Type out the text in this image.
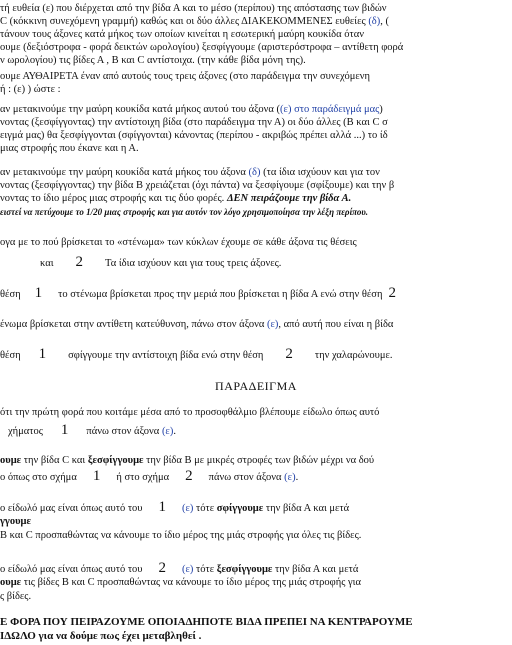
τή ευθεία (ε) που διέρχεται από την βίδα Α και το μέσο (περίπου) της απόστασης των βιδών
C (κόκκινη συνεχόμενη γραμμή) καθώς και οι δύο άλλες ΔΙΑΚΕΚΟΜΜΕΝΕΣ ευθείες (δ), (
τάνουν τους άξονες κατά μήκος των οποίων κινείται η εσωτερική μαύρη κουκίδα όταν
ουμε (δεξιόστροφα - φορά δεικτών ωρολογίου) ξεσφίγγουμε (αριστερόστροφα – αντίθετη φορά
ν ωρολογίου) τις βίδες Α , Β και C αντίστοιχα. (την κάθε βίδα μόνη της).
ουμε ΑΥΘΑΙΡΕΤΑ έναν από αυτούς τους τρεις άξονες (στο παράδειγμα την συνεχόμενη
ή : (ε) ) ώστε :
αν μετακινούμε την μαύρη κουκίδα κατά μήκος αυτού του άξονα ((ε) στο παράδειγμά μας)
νοντας (ξεσφίγγοντας) την αντίστοιχη βίδα (στο παράδειγμα την Α) οι δύο άλλες (Β και C σ
ειγμά μας) θα ξεσφίγγονται (σφίγγονται) κάνοντας (περίπου - ακριβώς πρέπει αλλά ...) το ίδ
μιας στροφής που έκανε και η Α.
αν μετακινούμε την μαύρη κουκίδα κατά μήκος του άξονα (δ) (τα ίδια ισχύουν και για τον
νοντας (ξεσφίγγοντας) την βίδα Β χρειάζεται (όχι πάντα) να ξεσφίγουμε (σφίξουμε) και την β
νοντας το ίδιο μέρος μιας στροφής και τις δύο φορές. ΔΕΝ πειράζουμε την βίδα Α.
ειστεί να πετύχουμε το 1/20 μιας στροφής και για αυτόν τον λόγο χρησιμοποίησα την λέξη περίπου.
ογα με το πού βρίσκεται το «στένωμα» των κύκλων έχουμε σε κάθε άξονα τις θέσεις
και 2 Τα ίδια ισχύουν και για τους τρεις άξονες.
θέση 1 το στένωμα βρίσκεται προς την μεριά που βρίσκεται η βίδα Α ενώ στην θέση 2
ένωμα βρίσκεται στην αντίθετη κατεύθυνση, πάνω στον άξονα (ε), από αυτή που είναι η βίδα
θέση 1 σφίγγουμε την αντίστοιχη βίδα ενώ στην θέση 2 την χαλαρώνουμε.
ΠΑΡΑΔΕΙΓΜΑ
ότι την πρώτη φορά που κοιτάμε μέσα από το προσοφθάλμιο βλέπουμε είδωλο όπως αυτό
χήματος 1 πάνω στον άξονα (ε).
ουμε την βίδα C και ξεσφίγγουμε την βίδα Β με μικρές στροφές των βιδών μέχρι να δού
ο όπως στο σχήμα 1 ή στο σχήμα 2 πάνω στον άξονα (ε).
ο είδωλό μας είναι όπως αυτό του 1 (ε) τότε σφίγγουμε την βίδα Α και μετά
γγουμε
Β και C προσπαθώντας να κάνουμε το ίδιο μέρος της μιάς στροφής για όλες τις βίδες.
ο είδωλό μας είναι όπως αυτό του 2 (ε) τότε ξεσφίγγουμε την βίδα Α και μετά
ουμε τις βίδες Β και C προσπαθώντας να κάνουμε το ίδιο μέρος της μιάς στροφής για
ς βίδες.
Ε ΦΟΡΑ ΠΟΥ ΠΕΙΡΑΖΟΥΜΕ ΟΠΟΙΑΔΗΠΟΤΕ ΒΙΔΑ ΠΡΕΠΕΙ ΝΑ ΚΕΝΤΡΑΡΟΥΜΕ
ΙΔΩΛΟ για να δούμε πως έχει μεταβληθεί .
